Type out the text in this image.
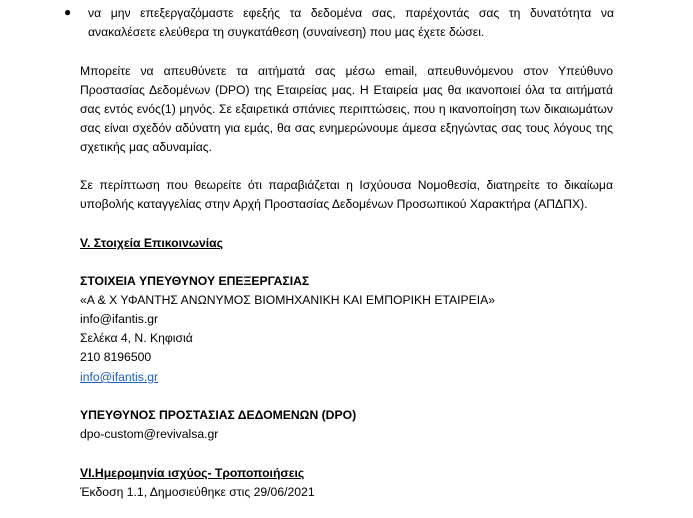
● να μην επεξεργαζόμαστε εφεξής τα δεδομένα σας, παρέχοντάς σας τη δυνατότητα να ανακαλέσετε ελεύθερα τη συγκατάθεση (συναίνεση) που μας έχετε δώσει.

Μπορείτε να απευθύνετε τα αιτήματά σας μέσω email, απευθυνόμενου στον Υπεύθυνο Προστασίας Δεδομένων (DPO) της Εταιρείας μας. Η Εταιρεία μας θα ικανοποιεί όλα τα αιτήματά σας εντός ενός(1) μηνός. Σε εξαιρετικά σπάνιες περιπτώσεις, που η ικανοποίηση των δικαιωμάτων σας είναι σχεδόν αδύνατη για εμάς, θα σας ενημερώνουμε άμεσα εξηγώντας σας τους λόγους της σχετικής μας αδυναμίας.

Σε περίπτωση που θεωρείτε ότι παραβιάζεται η Ισχύουσα Νομοθεσία, διατηρείτε το δικαίωμα υποβολής καταγγελίας στην Αρχή Προστασίας Δεδομένων Προσωπικού Χαρακτήρα (ΑΠΔΠΧ).

V. Στοιχεία Επικοινωνίας

ΣΤΟΙΧΕΙΑ ΥΠΕΥΘΥΝΟΥ ΕΠΕΞΕΡΓΑΣΙΑΣ

«Α & Χ ΥΦΑΝΤΗΣ ΑΝΩΝΥΜΟΣ ΒΙΟΜΗΧΑΝΙΚΗ ΚΑΙ ΕΜΠΟΡΙΚΗ ΕΤΑΙΡΕΙΑ»

info@ifantis.gr

Σελέκα 4, Ν. Κηφισιά

210 8196500

info@ifantis.gr

ΥΠΕΥΘΥΝΟΣ ΠΡΟΣΤΑΣΙΑΣ ΔΕΔΟΜΕΝΩΝ (DPO)

dpo-custom@revivalsa.gr

VI.Ημερομηνία ισχύος- Τροποποιήσεις

Έκδοση 1.1, Δημοσιεύθηκε στις 29/06/2021
